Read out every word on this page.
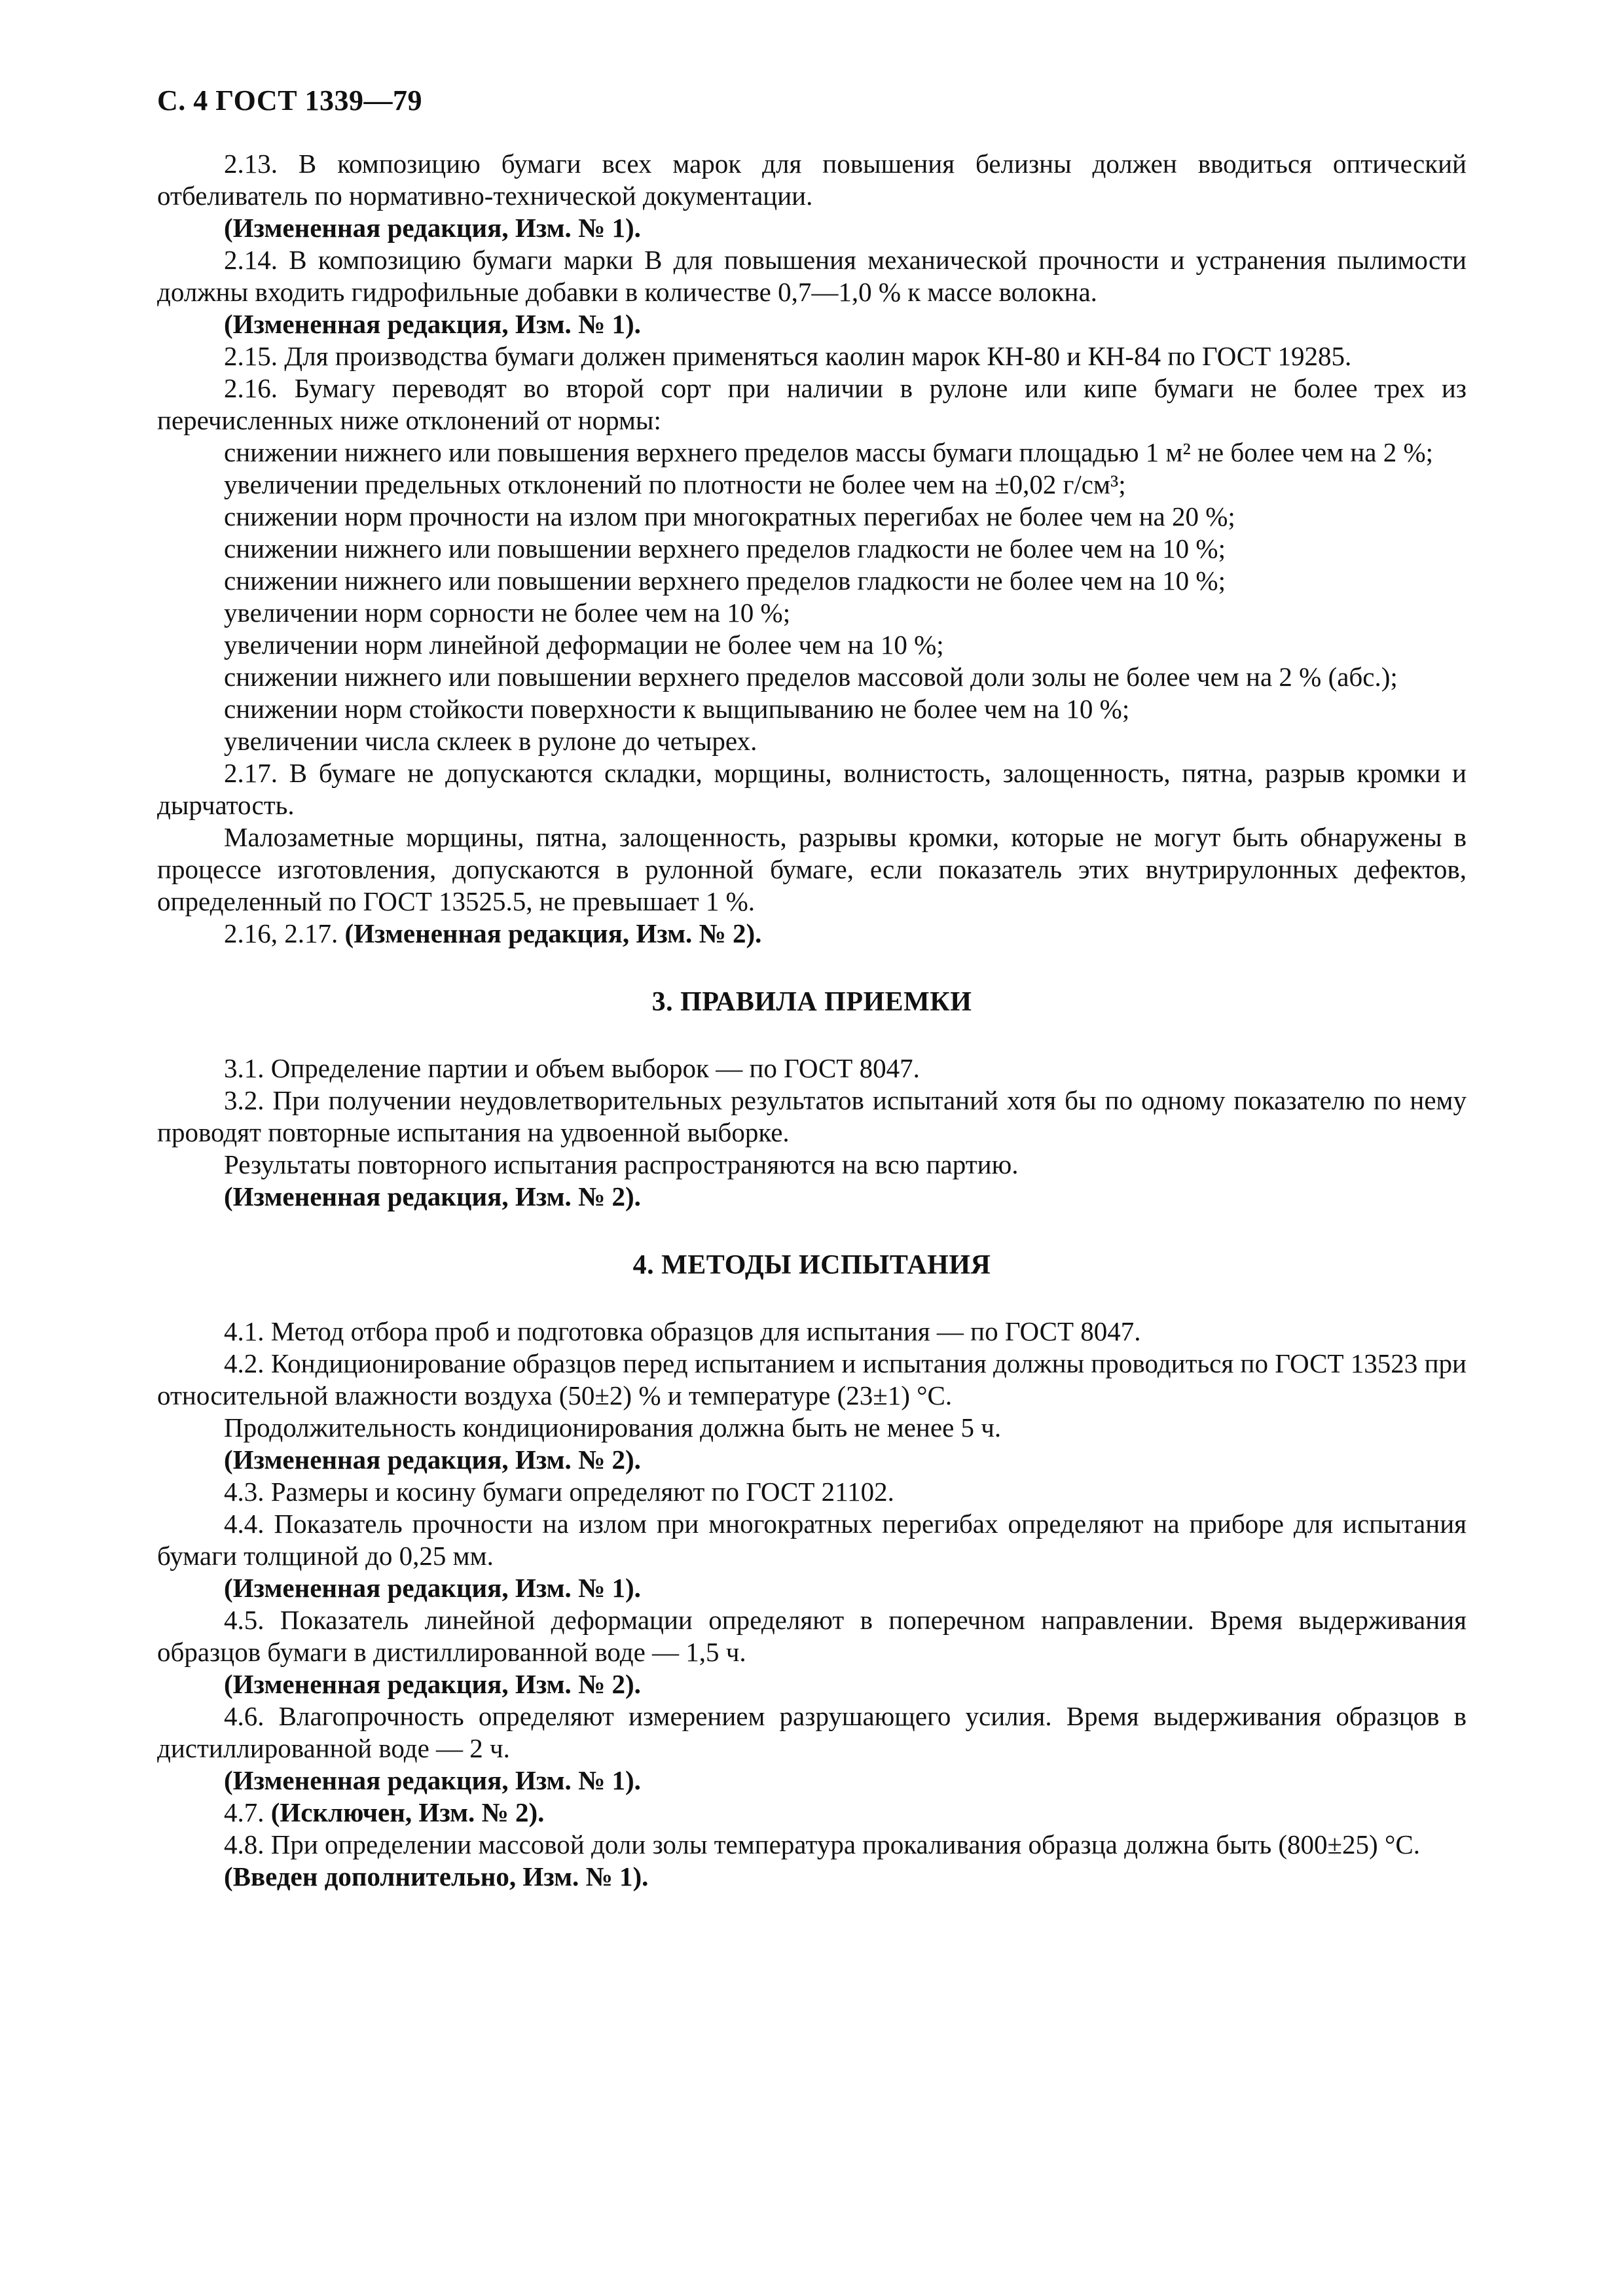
С. 4 ГОСТ 1339—79

2.13. В композицию бумаги всех марок для повышения белизны должен вводиться оптический отбеливатель по нормативно-технической документации.

(Измененная редакция, Изм. № 1).

2.14. В композицию бумаги марки В для повышения механической прочности и устранения пылимости должны входить гидрофильные добавки в количестве 0,7—1,0 % к массе волокна.

(Измененная редакция, Изм. № 1).

2.15. Для производства бумаги должен применяться каолин марок КН-80 и КН-84 по ГОСТ 19285.

2.16. Бумагу переводят во второй сорт при наличии в рулоне или кипе бумаги не более трех из перечисленных ниже отклонений от нормы:

снижении нижнего или повышения верхнего пределов массы бумаги площадью 1 м² не более чем на 2 %;

увеличении предельных отклонений по плотности не более чем на ±0,02 г/см³;

снижении норм прочности на излом при многократных перегибах не более чем на 20 %;

снижении нижнего или повышении верхнего пределов гладкости не более чем на 10 %;

снижении нижнего или повышении верхнего пределов гладкости не более чем на 10 %;

увеличении норм сорности не более чем на 10 %;

увеличении норм линейной деформации не более чем на 10 %;

снижении нижнего или повышении верхнего пределов массовой доли золы не более чем на 2 % (абс.);

снижении норм стойкости поверхности к выщипыванию не более чем на 10 %;

увеличении числа склеек в рулоне до четырех.

2.17. В бумаге не допускаются складки, морщины, волнистость, залощенность, пятна, разрыв кромки и дырчатость.

Малозаметные морщины, пятна, залощенность, разрывы кромки, которые не могут быть обнаружены в процессе изготовления, допускаются в рулонной бумаге, если показатель этих внутрирулонных дефектов, определенный по ГОСТ 13525.5, не превышает 1 %.

2.16, 2.17. (Измененная редакция, Изм. № 2).

3. ПРАВИЛА ПРИЕМКИ

3.1. Определение партии и объем выборок — по ГОСТ 8047.

3.2. При получении неудовлетворительных результатов испытаний хотя бы по одному показателю по нему проводят повторные испытания на удвоенной выборке.

Результаты повторного испытания распространяются на всю партию.

(Измененная редакция, Изм. № 2).

4. МЕТОДЫ ИСПЫТАНИЯ

4.1. Метод отбора проб и подготовка образцов для испытания — по ГОСТ 8047.

4.2. Кондиционирование образцов перед испытанием и испытания должны проводиться по ГОСТ 13523 при относительной влажности воздуха (50±2) % и температуре (23±1) °С.

Продолжительность кондиционирования должна быть не менее 5 ч.

(Измененная редакция, Изм. № 2).

4.3. Размеры и косину бумаги определяют по ГОСТ 21102.

4.4. Показатель прочности на излом при многократных перегибах определяют на приборе для испытания бумаги толщиной до 0,25 мм.

(Измененная редакция, Изм. № 1).

4.5. Показатель линейной деформации определяют в поперечном направлении. Время выдерживания образцов бумаги в дистиллированной воде — 1,5 ч.

(Измененная редакция, Изм. № 2).

4.6. Влагопрочность определяют измерением разрушающего усилия. Время выдерживания образцов в дистиллированной воде — 2 ч.

(Измененная редакция, Изм. № 1).

4.7. (Исключен, Изм. № 2).

4.8. При определении массовой доли золы температура прокаливания образца должна быть (800±25) °С.

(Введен дополнительно, Изм. № 1).
